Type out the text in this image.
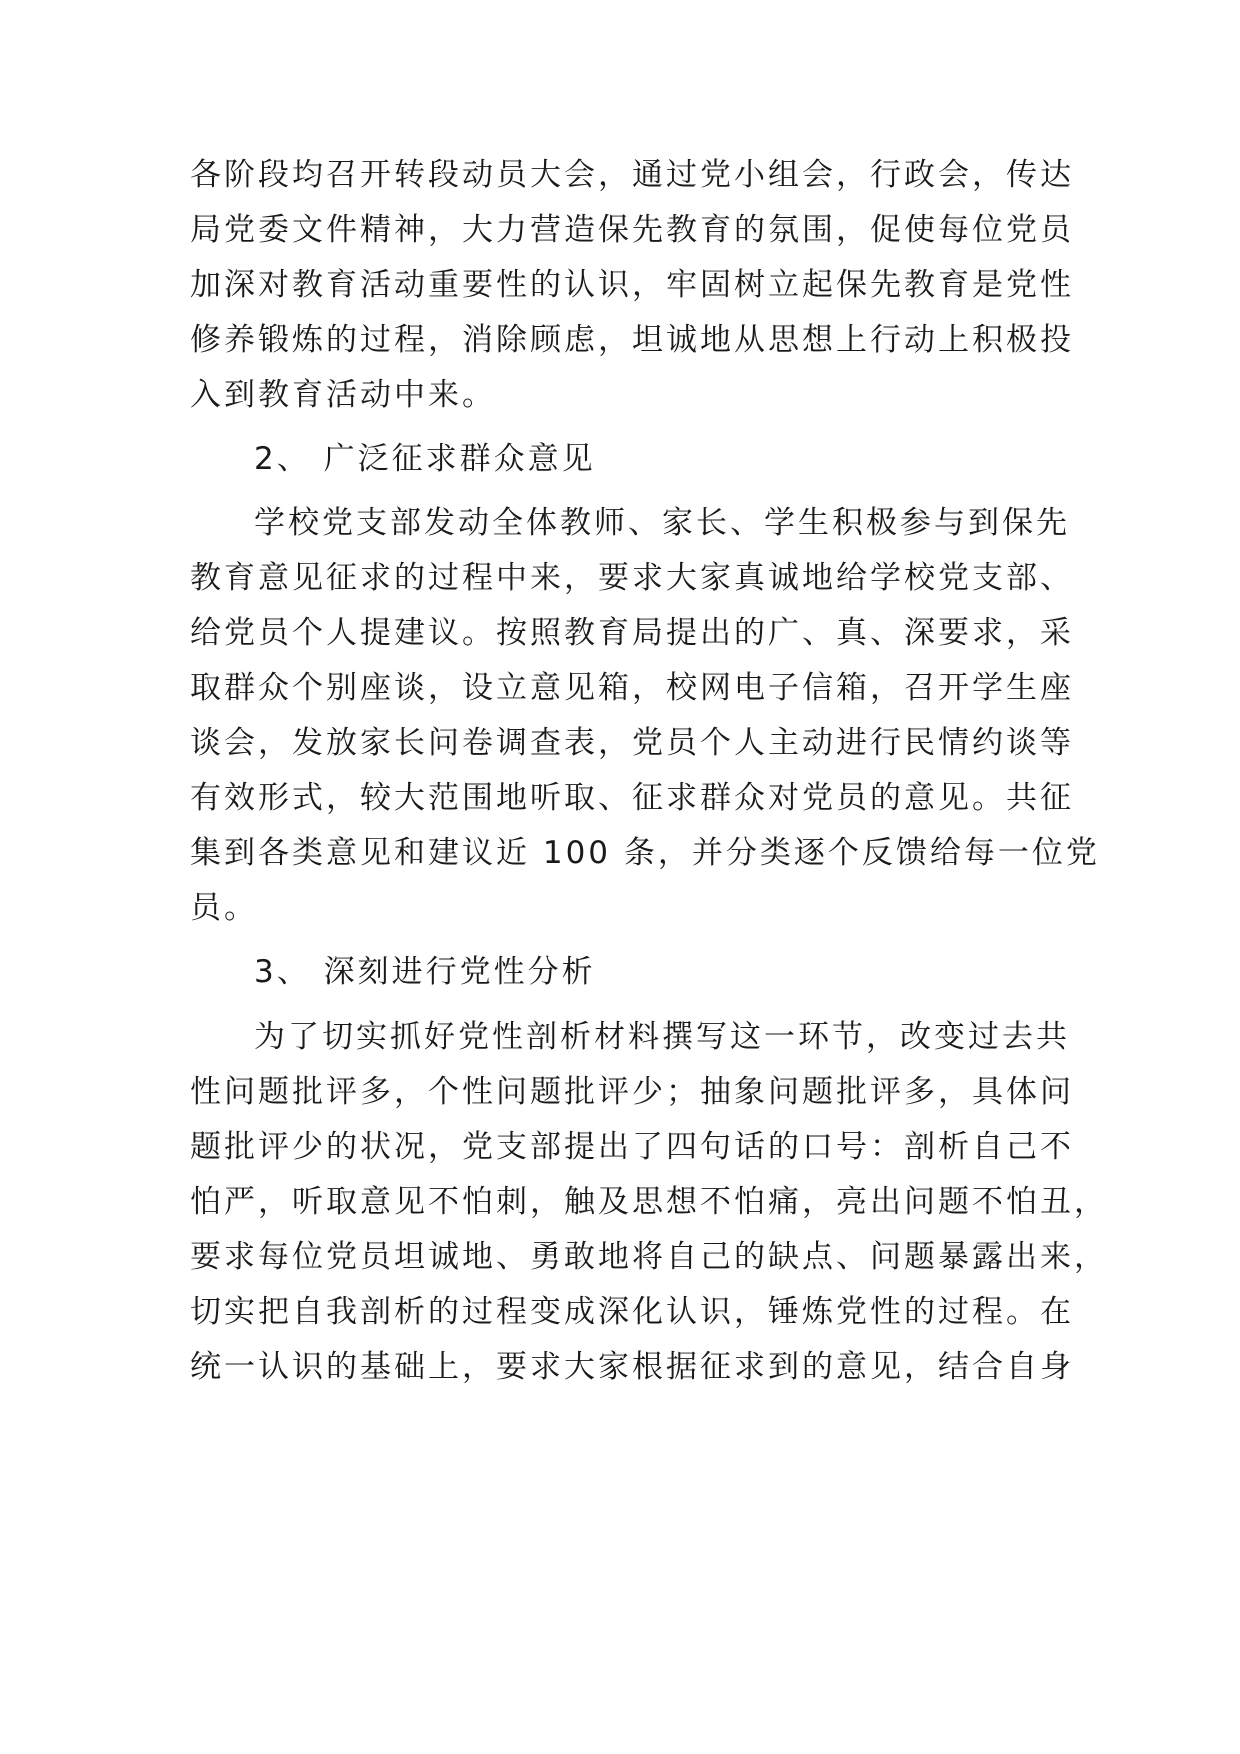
各阶段均召开转段动员大会，通过党小组会，行政会，传达
局党委文件精神，大力营造保先教育的氛围，促使每位党员
加深对教育活动重要性的认识，牢固树立起保先教育是党性
修养锻炼的过程，消除顾虑，坦诚地从思想上行动上积极投
入到教育活动中来。
2、 广泛征求群众意见
学校党支部发动全体教师、家长、学生积极参与到保先
教育意见征求的过程中来，要求大家真诚地给学校党支部、
给党员个人提建议。按照教育局提出的广、真、深要求，采
取群众个别座谈，设立意见箱，校网电子信箱，召开学生座
谈会，发放家长问卷调查表，党员个人主动进行民情约谈等
有效形式，较大范围地听取、征求群众对党员的意见。共征
集到各类意见和建议近 100 条，并分类逐个反馈给每一位党
员。
3、 深刻进行党性分析
为了切实抓好党性剖析材料撰写这一环节，改变过去共
性问题批评多，个性问题批评少；抽象问题批评多，具体问
题批评少的状况，党支部提出了四句话的口号：剖析自己不
怕严，听取意见不怕刺，触及思想不怕痛，亮出问题不怕丑，
要求每位党员坦诚地、勇敢地将自己的缺点、问题暴露出来，
切实把自我剖析的过程变成深化认识，锤炼党性的过程。在
统一认识的基础上，要求大家根据征求到的意见，结合自身
